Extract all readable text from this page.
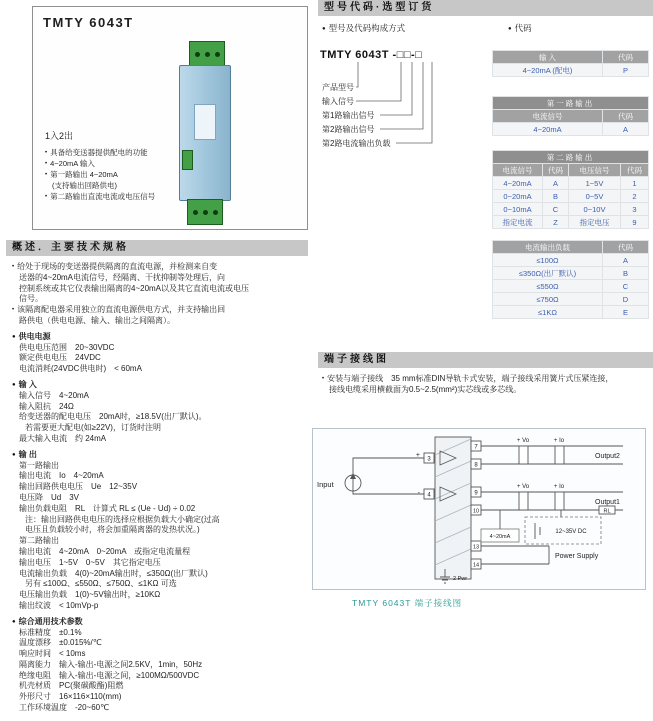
TMTY 6043T
1入2出
• 具备给变送器提供配电的功能
• 4~20mA 输入
• 第一路输出 4~20mA
(支持输出回路供电)
• 第二路输出直流电流或电压信号
型号代码·选型订货
● 型号及代码构成方式	● 代码
TMTY 6043T -□□-□
产品型号
输入信号
第1路输出信号
第2路输出信号
第2路电流输出负载
输 入	代码
4~20mA (配电)	P
第一路输出	
电流信号	代码
4~20mA	A
第二路输出			
电流信号	代码	电压信号	代码
4~20mA	A	1~5V	1
0~20mA	B	0~5V	2
0~10mA	C	0~10V	3
指定电流	Z	指定电压	9
电流输出负载	代码
≤100Ω	A
≤350Ω(出厂默认)	B
≤550Ω	C
≤750Ω	D
≤1KΩ	E
概述．主要技术规格
• 给处于现场的变送器提供隔离的直流电源，并检测来自变
送器的4~20mA电流信号，经隔离、干扰抑制等处理后，向
控制系统或其它仪表输出隔离的4~20mA以及其它直流电流或电压
信号。
• 该隔离配电器采用独立的直流电源供电方式，并支持输出回
路供电（供电电源、输入、输出之间隔离）。
● 供电电源
供电电压范围　20~30VDC
额定供电电压　24VDC
电流消耗(24VDC供电时)　< 60mA
● 输 入
输入信号　4~20mA
输入阻抗　24Ω
给变送器的配电电压　20mA时，≥18.5V(出厂默认)。
若需要更大配电(如≥22V)，订货时注明
最大输入电流　约 24mA
● 输 出
第一路输出
输出电流　Io　4~20mA
输出回路供电电压　Ue　12~35V
电压降　Ud　3V
输出负载电阻　RL　计算式 RL ≤ (Ue - Ud) ÷ 0.02
注：输出回路供电电压的选择应根据负载大小确定(过高
电压且负载较小时，将会加重隔离器的发热状况。)
第二路输出
输出电流　4~20mA　0~20mA　或指定电流量程
输出电压　1~5V　0~5V　其它指定电压
电流输出负载　4(0)~20mA输出时，≤350Ω(出厂默认)
另有 ≤100Ω、≤550Ω、≤750Ω、≤1KΩ 可选
电压输出负载　1(0)~5V输出时，≥10KΩ
输出纹波　< 10mVp-p
● 综合通用技术参数
标准精度　±0.1%
温度漂移　±0.015%/℃
响应时间　< 10ms
隔离能力　输入-输出-电源之间2.5KV，1min，50Hz
绝缘电阻　输入-输出-电源之间，≥100MΩ/500VDC
机壳材质　PC(聚碳酸酯)阻燃
外形尺寸　16×116×110(mm)
工作环境温度　-20~60℃
端子接线图
• 安装与端子接线　35 mm标准DIN导轨卡式安装，端子接线采用簧片式压紧连接，
接线电缆采用横截面为0.5~2.5(mm²)实芯线或多芯线。
Input
+
-
3
4
7
8
9
10
13
14
+ Vo	+ Io
Output2
+ Vo	+ Io
RL
Output1
4~20mA
12~35V DC
Power Supply
2 Pwr
TMTY 6043T 端子接线图
